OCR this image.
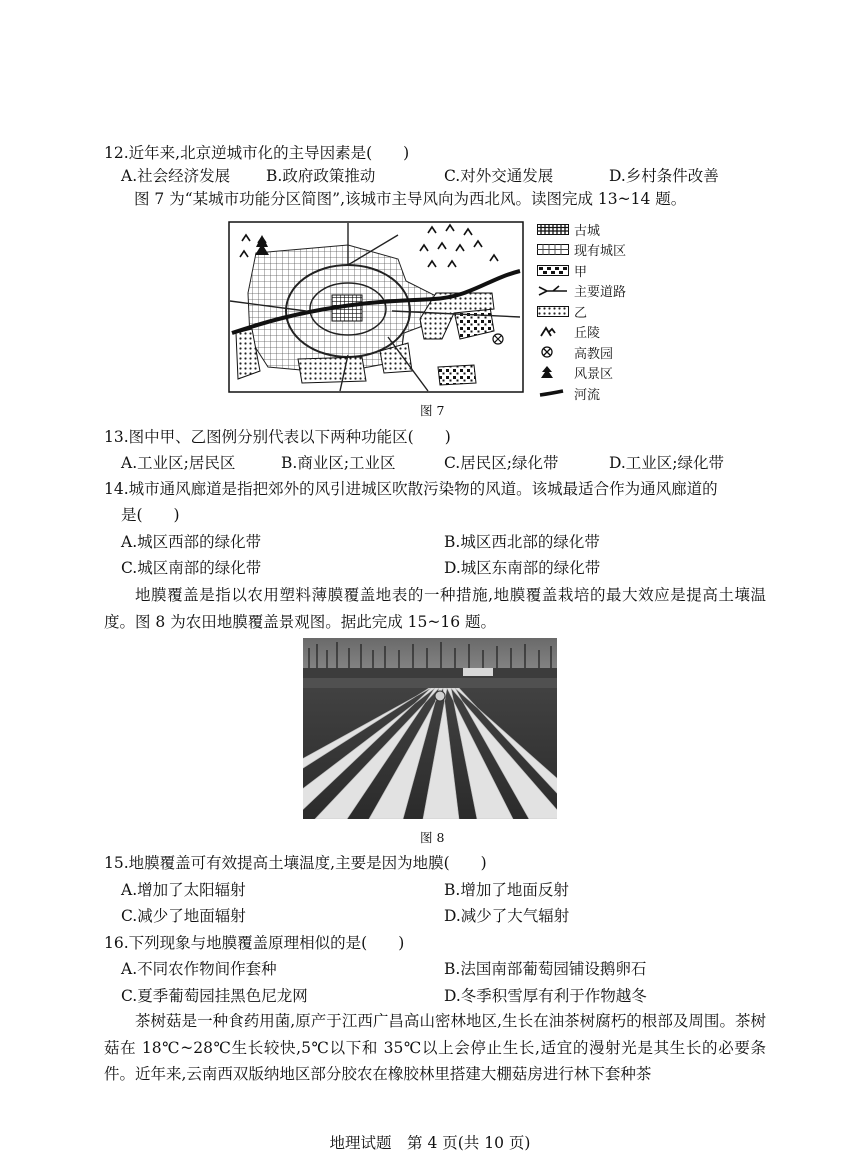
12.近年来,北京逆城市化的主导因素是(　　)
A.社会经济发展 B.政府政策推动	C.对外交通发展	D.乡村条件改善
图 7 为“某城市功能分区简图”,该城市主导风向为西北风。读图完成 13~14 题。
古城
现有城区
甲
主要道路
乙
丘陵
高教园
风景区
河流
图 7
13.图中甲、乙图例分别代表以下两种功能区(　　)
A.工业区;居民区	B.商业区;工业区	C.居民区;绿化带	D.工业区;绿化带
14.城市通风廊道是指把郊外的风引进城区吹散污染物的风道。该城最适合作为通风廊道的
是(　　)
A.城区西部的绿化带	B.城区西北部的绿化带
C.城区南部的绿化带	D.城区东南部的绿化带
地膜覆盖是指以农用塑料薄膜覆盖地表的一种措施,地膜覆盖栽培的最大效应是提高土壤温度。图 8 为农田地膜覆盖景观图。据此完成 15~16 题。
图 8
15.地膜覆盖可有效提高土壤温度,主要是因为地膜(　　)
A.增加了太阳辐射	B.增加了地面反射
C.减少了地面辐射	D.减少了大气辐射
16.下列现象与地膜覆盖原理相似的是(　　)
A.不同农作物间作套种	B.法国南部葡萄园铺设鹅卵石
C.夏季葡萄园挂黑色尼龙网	D.冬季积雪厚有利于作物越冬
茶树菇是一种食药用菌,原产于江西广昌高山密林地区,生长在油茶树腐朽的根部及周围。茶树菇在 18℃~28℃生长较快,5℃以下和 35℃以上会停止生长,适宜的漫射光是其生长的必要条件。近年来,云南西双版纳地区部分胶农在橡胶林里搭建大棚菇房进行林下套种茶
地理试题　第 4 页(共 10 页)
